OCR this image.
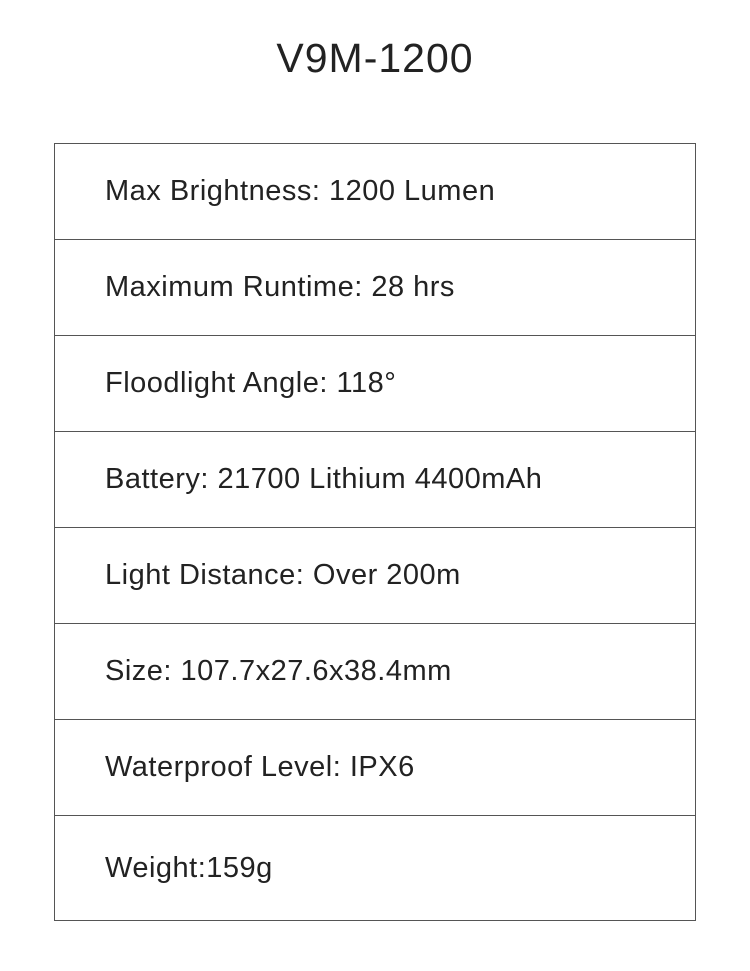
V9M-1200
Max Brightness: 1200 Lumen
Maximum Runtime: 28 hrs
Floodlight Angle: 118°
Battery: 21700 Lithium 4400mAh
Light Distance: Over 200m
Size: 107.7x27.6x38.4mm
Waterproof Level: IPX6
Weight:159g
